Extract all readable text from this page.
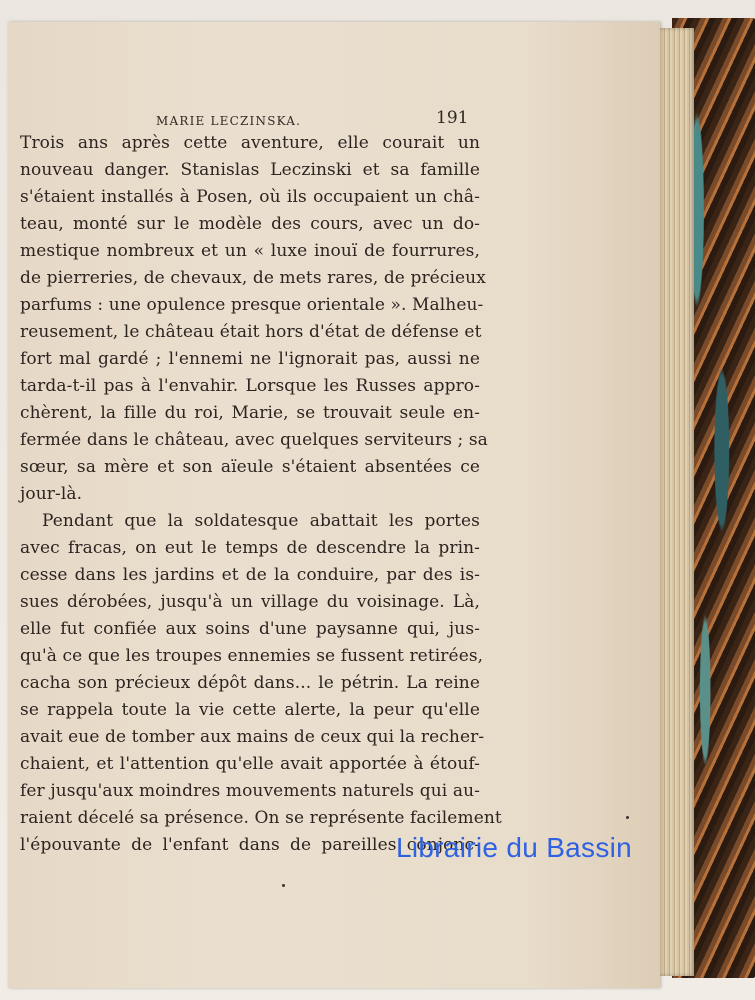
MARIE LECZINSKA.	191
Trois ans après cette aventure, elle courait un
nouveau danger. Stanislas Leczinski et sa famille
s'étaient installés à Posen, où ils occupaient un châ-
teau, monté sur le modèle des cours, avec un do-
mestique nombreux et un « luxe inouï de fourrures,
de pierreries, de chevaux, de mets rares, de précieux
parfums : une opulence presque orientale ». Malheu-
reusement, le château était hors d'état de défense et
fort mal gardé ; l'ennemi ne l'ignorait pas, aussi ne
tarda-t-il pas à l'envahir. Lorsque les Russes appro-
chèrent, la fille du roi, Marie, se trouvait seule en-
fermée dans le château, avec quelques serviteurs ; sa
sœur, sa mère et son aïeule s'étaient absentées ce
jour-là.
Pendant que la soldatesque abattait les portes
avec fracas, on eut le temps de descendre la prin-
cesse dans les jardins et de la conduire, par des is-
sues dérobées, jusqu'à un village du voisinage. Là,
elle fut confiée aux soins d'une paysanne qui, jus-
qu'à ce que les troupes ennemies se fussent retirées,
cacha son précieux dépôt dans... le pétrin. La reine
se rappela toute la vie cette alerte, la peur qu'elle
avait eue de tomber aux mains de ceux qui la recher-
chaient, et l'attention qu'elle avait apportée à étouf-
fer jusqu'aux moindres mouvements naturels qui au-
raient décelé sa présence. On se représente facilement
l'épouvante de l'enfant dans de pareilles conjonc-
Librairie du Bassin
